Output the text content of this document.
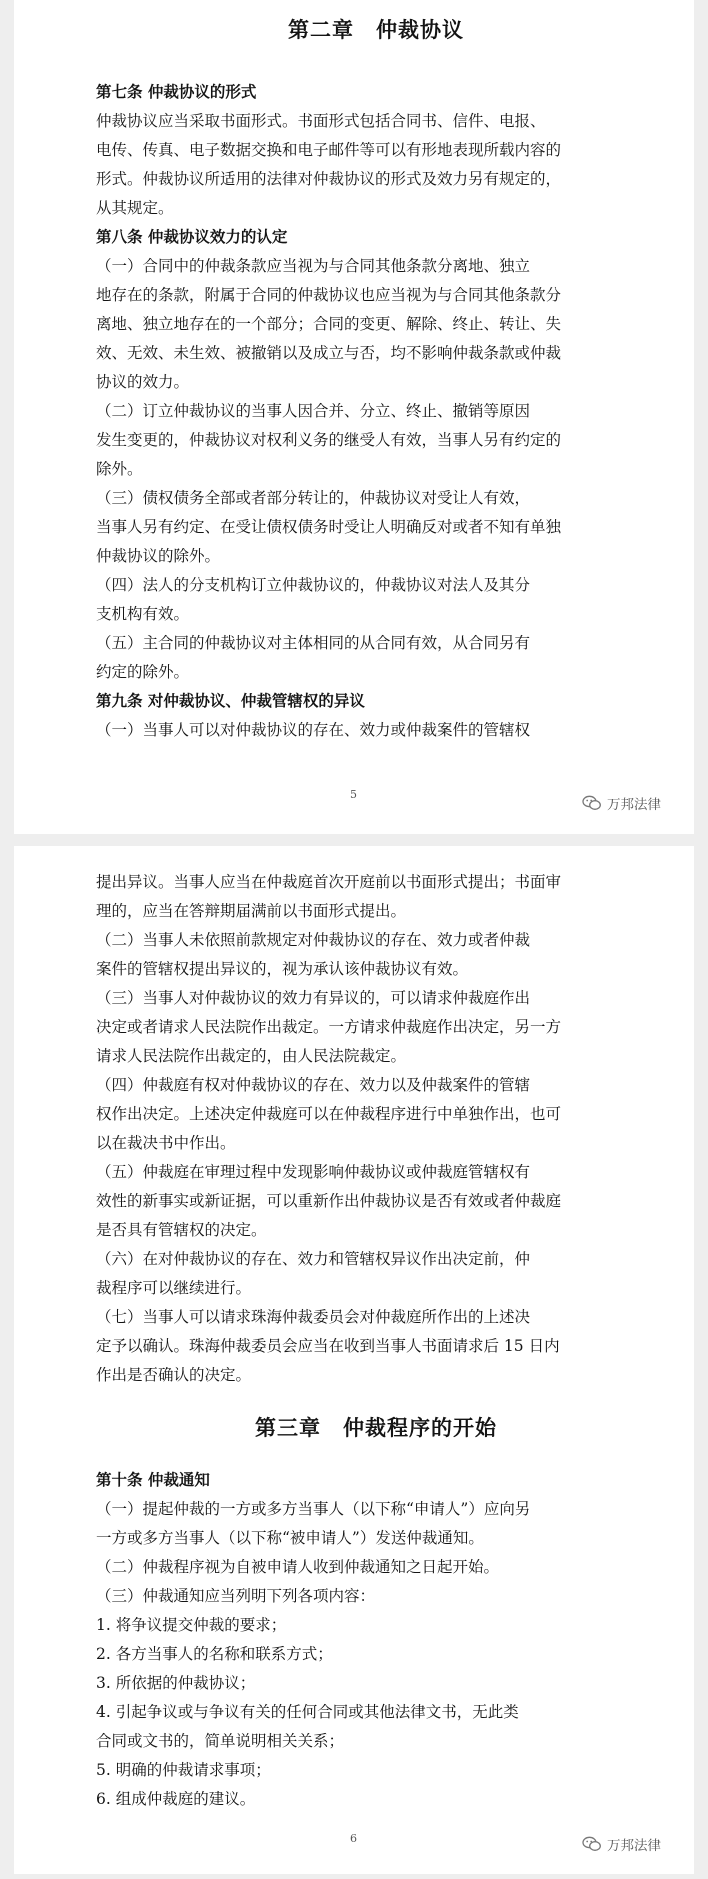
第二章　仲裁协议

第七条 仲裁协议的形式

仲裁协议应当采取书面形式。书面形式包括合同书、信件、电报、

电传、传真、电子数据交换和电子邮件等可以有形地表现所载内容的

形式。仲裁协议所适用的法律对仲裁协议的形式及效力另有规定的，

从其规定。

第八条 仲裁协议效力的认定

（一）合同中的仲裁条款应当视为与合同其他条款分离地、独立

地存在的条款，附属于合同的仲裁协议也应当视为与合同其他条款分

离地、独立地存在的一个部分；合同的变更、解除、终止、转让、失

效、无效、未生效、被撤销以及成立与否，均不影响仲裁条款或仲裁

协议的效力。

（二）订立仲裁协议的当事人因合并、分立、终止、撤销等原因

发生变更的，仲裁协议对权利义务的继受人有效，当事人另有约定的

除外。

（三）债权债务全部或者部分转让的，仲裁协议对受让人有效，

当事人另有约定、在受让债权债务时受让人明确反对或者不知有单独

仲裁协议的除外。

（四）法人的分支机构订立仲裁协议的，仲裁协议对法人及其分

支机构有效。

（五）主合同的仲裁协议对主体相同的从合同有效，从合同另有

约定的除外。

第九条 对仲裁协议、仲裁管辖权的异议

（一）当事人可以对仲裁协议的存在、效力或仲裁案件的管辖权

5
万邦法律

提出异议。当事人应当在仲裁庭首次开庭前以书面形式提出；书面审

理的，应当在答辩期届满前以书面形式提出。

（二）当事人未依照前款规定对仲裁协议的存在、效力或者仲裁

案件的管辖权提出异议的，视为承认该仲裁协议有效。

（三）当事人对仲裁协议的效力有异议的，可以请求仲裁庭作出

决定或者请求人民法院作出裁定。一方请求仲裁庭作出决定，另一方

请求人民法院作出裁定的，由人民法院裁定。

（四）仲裁庭有权对仲裁协议的存在、效力以及仲裁案件的管辖

权作出决定。上述决定仲裁庭可以在仲裁程序进行中单独作出，也可

以在裁决书中作出。

（五）仲裁庭在审理过程中发现影响仲裁协议或仲裁庭管辖权有

效性的新事实或新证据，可以重新作出仲裁协议是否有效或者仲裁庭

是否具有管辖权的决定。

（六）在对仲裁协议的存在、效力和管辖权异议作出决定前，仲

裁程序可以继续进行。

（七）当事人可以请求珠海仲裁委员会对仲裁庭所作出的上述决

定予以确认。珠海仲裁委员会应当在收到当事人书面请求后 15 日内

作出是否确认的决定。

第三章　仲裁程序的开始

第十条 仲裁通知

（一）提起仲裁的一方或多方当事人（以下称“申请人”）应向另

一方或多方当事人（以下称“被申请人”）发送仲裁通知。

（二）仲裁程序视为自被申请人收到仲裁通知之日起开始。

（三）仲裁通知应当列明下列各项内容：

1. 将争议提交仲裁的要求；

2. 各方当事人的名称和联系方式；

3. 所依据的仲裁协议；

4. 引起争议或与争议有关的任何合同或其他法律文书，无此类

合同或文书的，简单说明相关关系；

5. 明确的仲裁请求事项；

6. 组成仲裁庭的建议。

6	万邦法律
